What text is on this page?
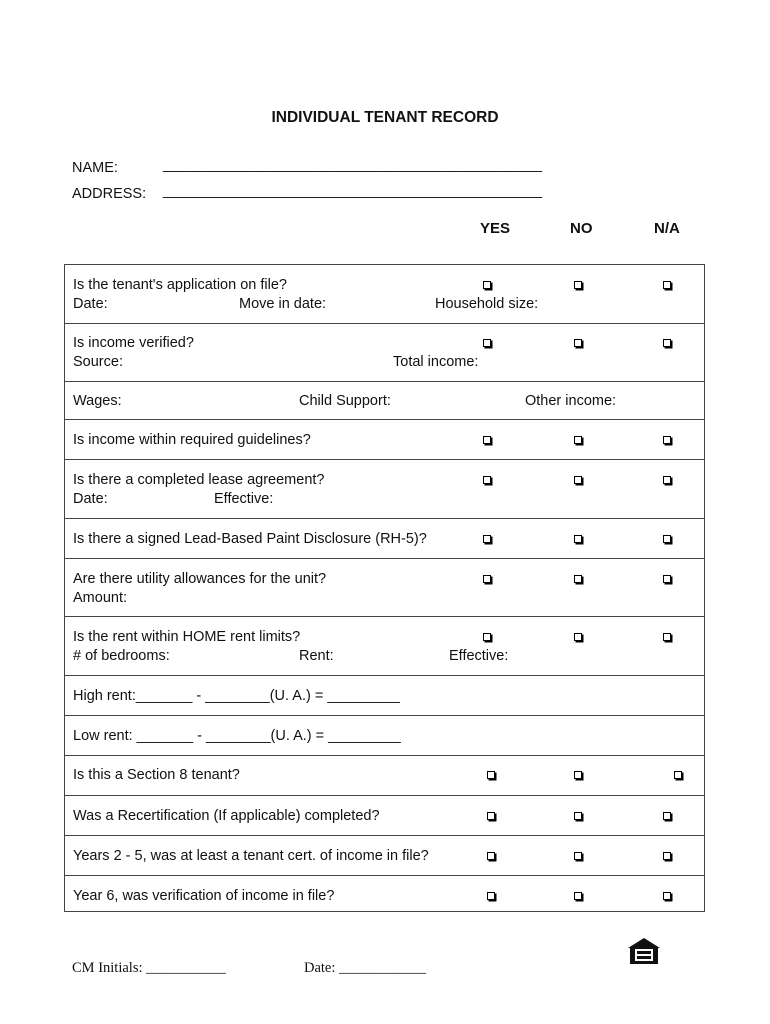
INDIVIDUAL TENANT RECORD
NAME:	_______________________________________________
ADDRESS: _______________________________________________
YES	NO	N/A
Is the tenant's application on file?
Date:	Move in date:	Household size:
Is income verified?
Source:	Total income:
Wages:	Child Support:	Other income:
Is income within required guidelines?
Is there a completed lease agreement?
Date:	Effective:
Is there a signed Lead-Based Paint Disclosure (RH-5)?
Are there utility allowances for the unit?
Amount:
Is the rent within HOME rent limits?
# of bedrooms:	Rent:	Effective:
High rent:_______ - ________(U. A.) = _________
Low rent: _______ - ________(U. A.) = _________
Is this a Section 8 tenant?
Was a Recertification (If applicable) completed?
Years 2 - 5, was at least a tenant cert. of income in file?
Year 6, was verification of income in file?
CM Initials: ___________	Date: ____________
